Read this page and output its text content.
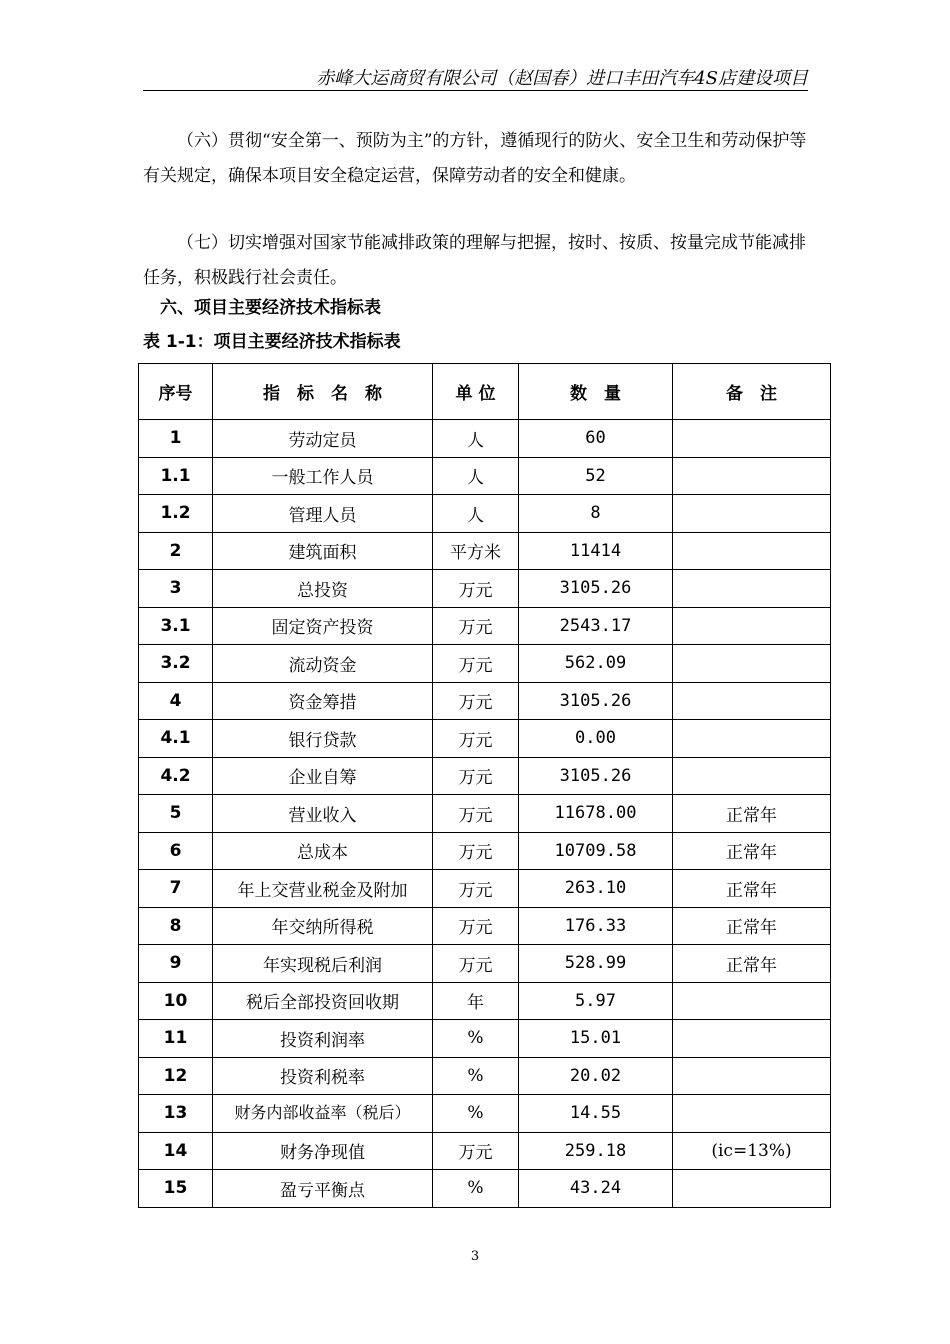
赤峰大运商贸有限公司（赵国春）进口丰田汽车4S店建设项目

（六）贯彻“安全第一、预防为主”的方针，遵循现行的防火、安全卫生和劳动保护等有关规定，确保本项目安全稳定运营，保障劳动者的安全和健康。

（七）切实增强对国家节能减排政策的理解与把握，按时、按质、按量完成节能减排任务，积极践行社会责任。

六、项目主要经济技术指标表
表 1-1：项目主要经济技术指标表
序号	指　标　名　称	单 位	数　量	备　注
1	劳动定员	人	60	
1.1	一般工作人员	人	52	
1.2	管理人员	人	8	
2	建筑面积	平方米	11414	
3	总投资	万元	3105.26	
3.1	固定资产投资	万元	2543.17	
3.2	流动资金	万元	562.09	
4	资金筹措	万元	3105.26	
4.1	银行贷款	万元	0.00	
4.2	企业自筹	万元	3105.26	
5	营业收入	万元	11678.00	正常年
6	总成本	万元	10709.58	正常年
7	年上交营业税金及附加	万元	263.10	正常年
8	年交纳所得税	万元	176.33	正常年
9	年实现税后利润	万元	528.99	正常年
10	税后全部投资回收期	年	5.97	
11	投资利润率	%	15.01	
12	投资利税率	%	20.02	
13	财务内部收益率（税后）	%	14.55	
14	财务净现值	万元	259.18	(ic=13%)
15	盈亏平衡点	%	43.24	
3
